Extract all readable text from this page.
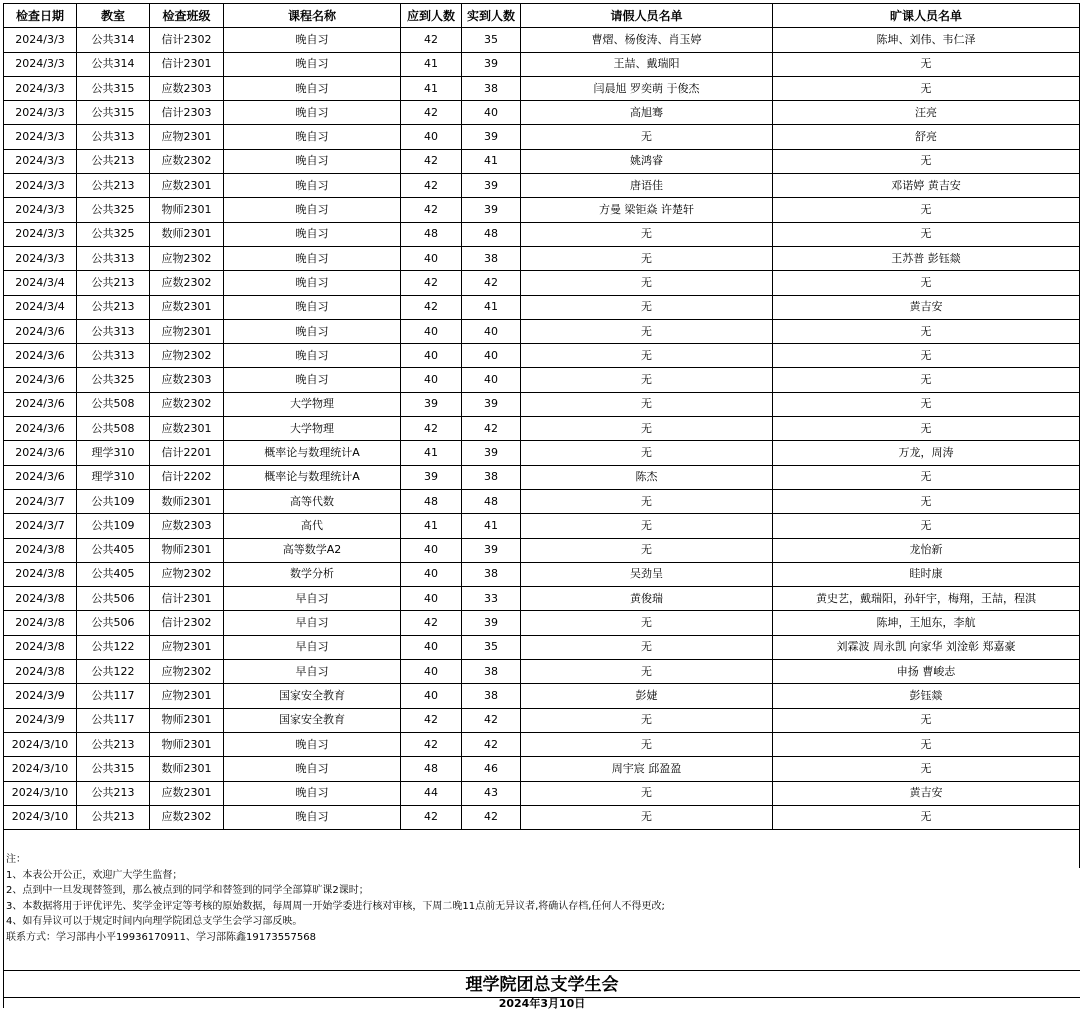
检查日期	教室	检查班级	课程名称	应到人数	实到人数	请假人员名单	旷课人员名单
2024/3/3	公共314	信计2302	晚自习	42	35	曹熠、杨俊涛、肖玉婷	陈坤、刘伟、韦仁泽
2024/3/3	公共314	信计2301	晚自习	41	39	王喆、戴瑞阳	无
2024/3/3	公共315	应数2303	晚自习	41	38	闫晨旭 罗奕萌 于俊杰	无
2024/3/3	公共315	信计2303	晚自习	42	40	高旭骞	汪亮
2024/3/3	公共313	应物2301	晚自习	40	39	无	舒亮
2024/3/3	公共213	应数2302	晚自习	42	41	姚鸿睿	无
2024/3/3	公共213	应数2301	晚自习	42	39	唐语佳	邓诺婷 黄吉安
2024/3/3	公共325	物师2301	晚自习	42	39	方曼 梁钜焱 许楚轩	无
2024/3/3	公共325	数师2301	晚自习	48	48	无	无
2024/3/3	公共313	应物2302	晚自习	40	38	无	王苏普 彭钰燚
2024/3/4	公共213	应数2302	晚自习	42	42	无	无
2024/3/4	公共213	应数2301	晚自习	42	41	无	黄吉安
2024/3/6	公共313	应物2301	晚自习	40	40	无	无
2024/3/6	公共313	应物2302	晚自习	40	40	无	无
2024/3/6	公共325	应数2303	晚自习	40	40	无	无
2024/3/6	公共508	应数2302	大学物理	39	39	无	无
2024/3/6	公共508	应数2301	大学物理	42	42	无	无
2024/3/6	理学310	信计2201	概率论与数理统计A	41	39	无	万龙，周涛
2024/3/6	理学310	信计2202	概率论与数理统计A	39	38	陈杰	无
2024/3/7	公共109	数师2301	高等代数	48	48	无	无
2024/3/7	公共109	应数2303	高代	41	41	无	无
2024/3/8	公共405	物师2301	高等数学A2	40	39	无	龙怡新
2024/3/8	公共405	应物2302	数学分析	40	38	吴劲呈	眭时康
2024/3/8	公共506	信计2301	早自习	40	33	黄俊瑞	黄史艺，戴瑞阳，孙轩宇，梅翔，王喆，程淇
2024/3/8	公共506	信计2302	早自习	42	39	无	陈坤，王旭东，李航
2024/3/8	公共122	应物2301	早自习	40	35	无	刘霖波 周永凯 向家华 刘淦彰 郑嘉豪
2024/3/8	公共122	应物2302	早自习	40	38	无	申扬 曹峻志
2024/3/9	公共117	应物2301	国家安全教育	40	38	彭婕	彭钰燚
2024/3/9	公共117	物师2301	国家安全教育	42	42	无	无
2024/3/10	公共213	物师2301	晚自习	42	42	无	无
2024/3/10	公共315	数师2301	晚自习	48	46	周宇宸 邱盈盈	无
2024/3/10	公共213	应数2301	晚自习	44	43	无	黄吉安
2024/3/10	公共213	应数2302	晚自习	42	42	无	无

注：
1、本表公开公正，欢迎广大学生监督；
2、点到中一旦发现替签到，那么被点到的同学和替签到的同学全部算旷课2课时；
3、本数据将用于评优评先、奖学金评定等考核的原始数据，每周周一开始学委进行核对审核，下周二晚11点前无异议者,将确认存档,任何人不得更改;
4、如有异议可以于规定时间内向理学院团总支学生会学习部反映。
联系方式：学习部冉小平19936170911、学习部陈鑫19173557568
理学院团总支学生会
2024年3月10日
